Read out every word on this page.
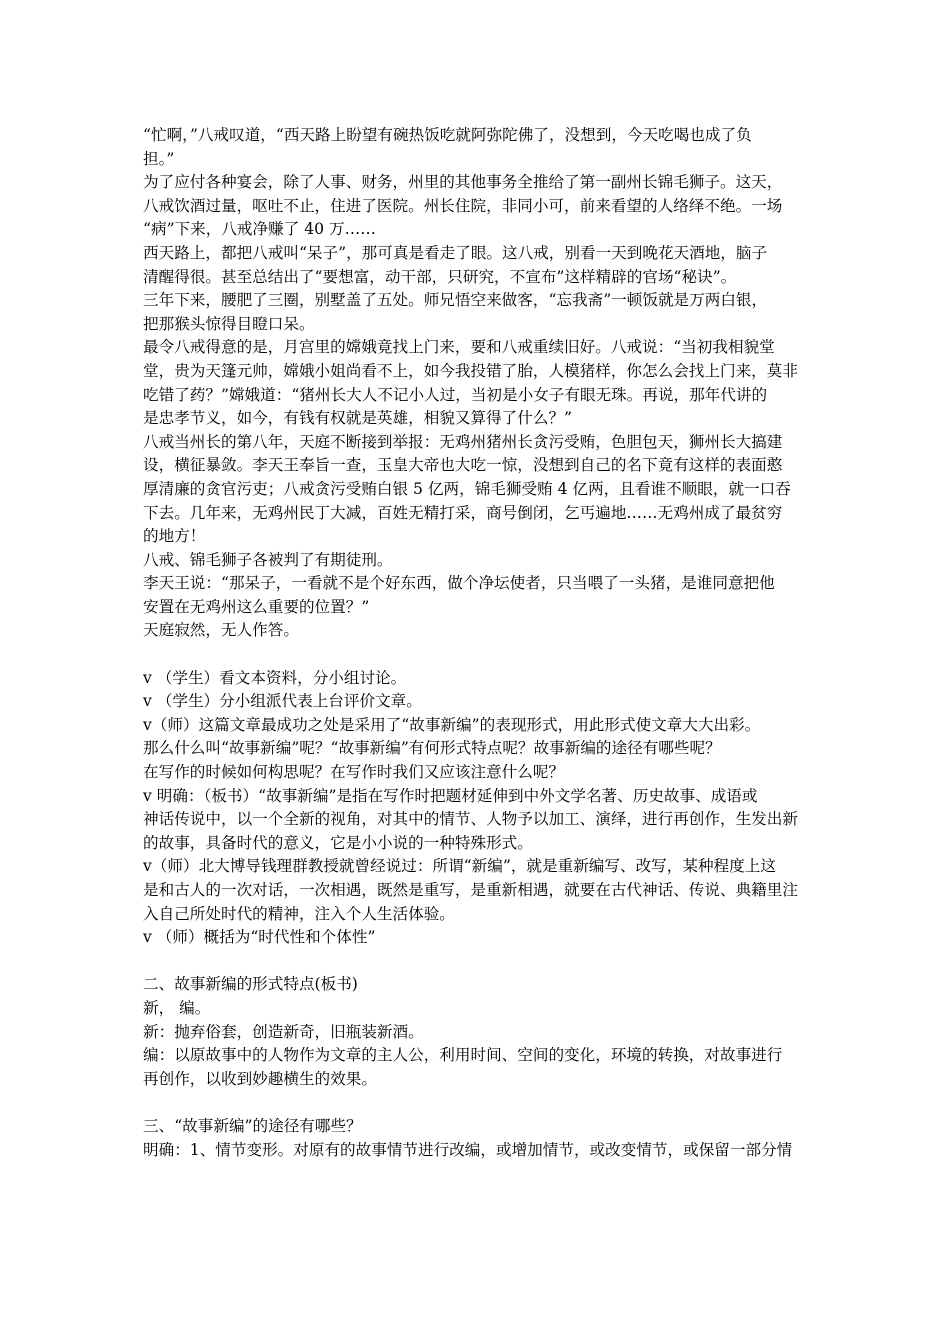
“忙啊，”八戒叹道，“西天路上盼望有碗热饭吃就阿弥陀佛了，没想到，今天吃喝也成了负
担。”
为了应付各种宴会，除了人事、财务，州里的其他事务全推给了第一副州长锦毛狮子。这天，
八戒饮酒过量，呕吐不止，住进了医院。州长住院，非同小可，前来看望的人络绎不绝。一场
“病”下来，八戒净赚了 40 万……
西天路上，都把八戒叫“呆子”，那可真是看走了眼。这八戒，别看一天到晚花天酒地，脑子
清醒得很。甚至总结出了“要想富，动干部，只研究，不宣布”这样精辟的官场“秘诀”。
三年下来，腰肥了三圈，别墅盖了五处。师兄悟空来做客，“忘我斋”一顿饭就是万两白银，
把那猴头惊得目瞪口呆。
最令八戒得意的是，月宫里的嫦娥竟找上门来，要和八戒重续旧好。八戒说：“当初我相貌堂
堂，贵为天篷元帅，嫦娥小姐尚看不上，如今我投错了胎，人模猪样，你怎么会找上门来，莫非
吃错了药？”嫦娥道：“猪州长大人不记小人过，当初是小女子有眼无珠。再说，那年代讲的
是忠孝节义，如今，有钱有权就是英雄，相貌又算得了什么？”
八戒当州长的第八年，天庭不断接到举报：无鸡州猪州长贪污受贿，色胆包天，狮州长大搞建
设，横征暴敛。李天王奉旨一查，玉皇大帝也大吃一惊，没想到自己的名下竟有这样的表面憨
厚清廉的贪官污吏；八戒贪污受贿白银 5 亿两，锦毛狮受贿 4 亿两，且看谁不顺眼，就一口吞
下去。几年来，无鸡州民丁大减，百姓无精打采，商号倒闭，乞丐遍地……无鸡州成了最贫穷
的地方！
八戒、锦毛狮子各被判了有期徒刑。
李天王说：“那呆子，一看就不是个好东西，做个净坛使者，只当喂了一头猪，是谁同意把他
安置在无鸡州这么重要的位置？”
天庭寂然，无人作答。
v （学生）看文本资料，分小组讨论。
v （学生）分小组派代表上台评价文章。
v（师）这篇文章最成功之处是采用了“故事新编”的表现形式，用此形式使文章大大出彩。
那么什么叫“故事新编”呢？“故事新编”有何形式特点呢？故事新编的途径有哪些呢？
在写作的时候如何构思呢？在写作时我们又应该注意什么呢？
v 明确：（板书）“故事新编”是指在写作时把题材延伸到中外文学名著、历史故事、成语或
神话传说中，以一个全新的视角，对其中的情节、人物予以加工、演绎，进行再创作，生发出新
的故事，具备时代的意义，它是小小说的一种特殊形式。
v（师）北大博导钱理群教授就曾经说过：所谓“新编”，就是重新编写、改写，某种程度上这
是和古人的一次对话，一次相遇，既然是重写，是重新相遇，就要在古代神话、传说、典籍里注
入自己所处时代的精神，注入个人生活体验。
v （师）概括为“时代性和个体性”
二、故事新编的形式特点(板书)
新， 编。
新：抛弃俗套，创造新奇，旧瓶装新酒。
编：以原故事中的人物作为文章的主人公，利用时间、空间的变化，环境的转换，对故事进行
再创作，以收到妙趣横生的效果。
三、“故事新编”的途径有哪些？
明确：1、情节变形。对原有的故事情节进行改编，或增加情节，或改变情节，或保留一部分情
